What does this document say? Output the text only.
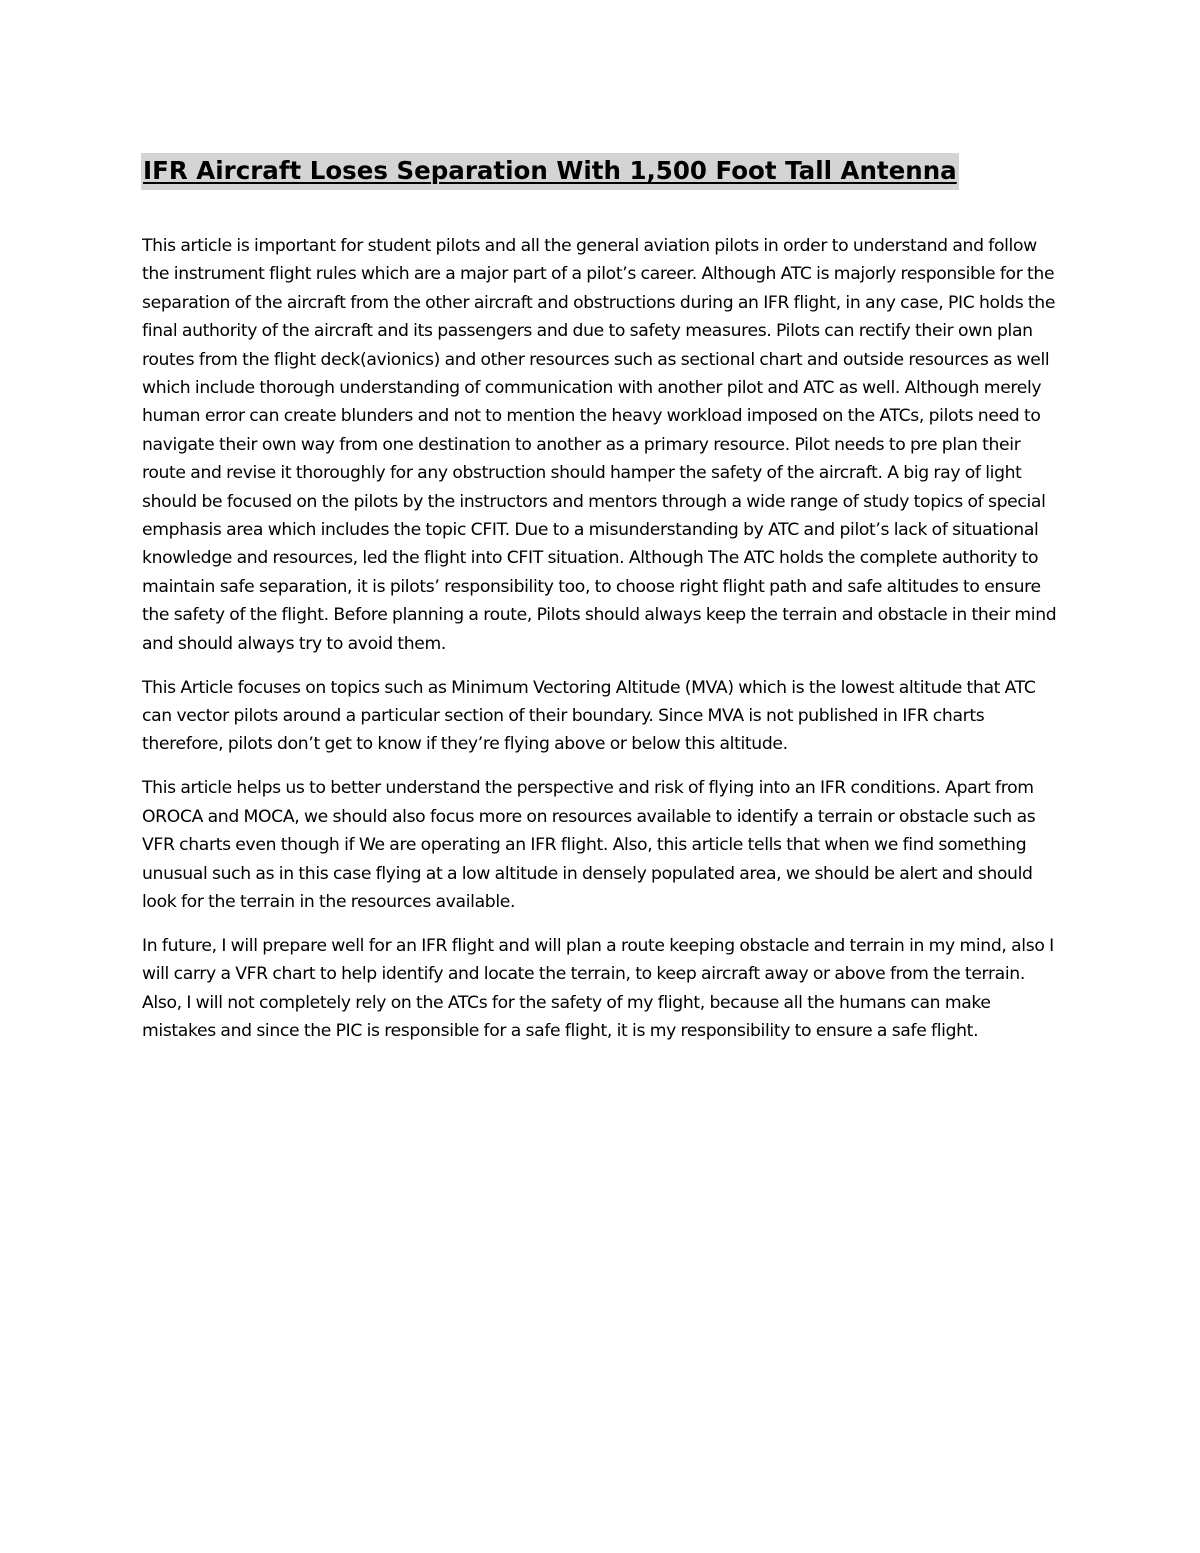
IFR Aircraft Loses Separation With 1,500 Foot Tall Antenna

This article is important for student pilots and all the general aviation pilots in order to understand and follow the instrument flight rules which are a major part of a pilot’s career. Although ATC is majorly responsible for the separation of the aircraft from the other aircraft and obstructions during an IFR flight, in any case, PIC holds the final authority of the aircraft and its passengers and due to safety measures. Pilots can rectify their own plan routes from the flight deck(avionics) and other resources such as sectional chart and outside resources as well which include thorough understanding of communication with another pilot and ATC as well. Although merely human error can create blunders and not to mention the heavy workload imposed on the ATCs, pilots need to navigate their own way from one destination to another as a primary resource. Pilot needs to pre plan their route and revise it thoroughly for any obstruction should hamper the safety of the aircraft. A big ray of light should be focused on the pilots by the instructors and mentors through a wide range of study topics of special emphasis area which includes the topic CFIT. Due to a misunderstanding by ATC and pilot’s lack of situational knowledge and resources, led the flight into CFIT situation. Although The ATC holds the complete authority to maintain safe separation, it is pilots’ responsibility too, to choose right flight path and safe altitudes to ensure the safety of the flight. Before planning a route, Pilots should always keep the terrain and obstacle in their mind and should always try to avoid them.

This Article focuses on topics such as Minimum Vectoring Altitude (MVA) which is the lowest altitude that ATC can vector pilots around a particular section of their boundary. Since MVA is not published in IFR charts therefore, pilots don’t get to know if they’re flying above or below this altitude.

This article helps us to better understand the perspective and risk of flying into an IFR conditions. Apart from OROCA and MOCA, we should also focus more on resources available to identify a terrain or obstacle such as VFR charts even though if We are operating an IFR flight. Also, this article tells that when we find something unusual such as in this case flying at a low altitude in densely populated area, we should be alert and should look for the terrain in the resources available.

In future, I will prepare well for an IFR flight and will plan a route keeping obstacle and terrain in my mind, also I will carry a VFR chart to help identify and locate the terrain, to keep aircraft away or above from the terrain. Also, I will not completely rely on the ATCs for the safety of my flight, because all the humans can make mistakes and since the PIC is responsible for a safe flight, it is my responsibility to ensure a safe flight.
